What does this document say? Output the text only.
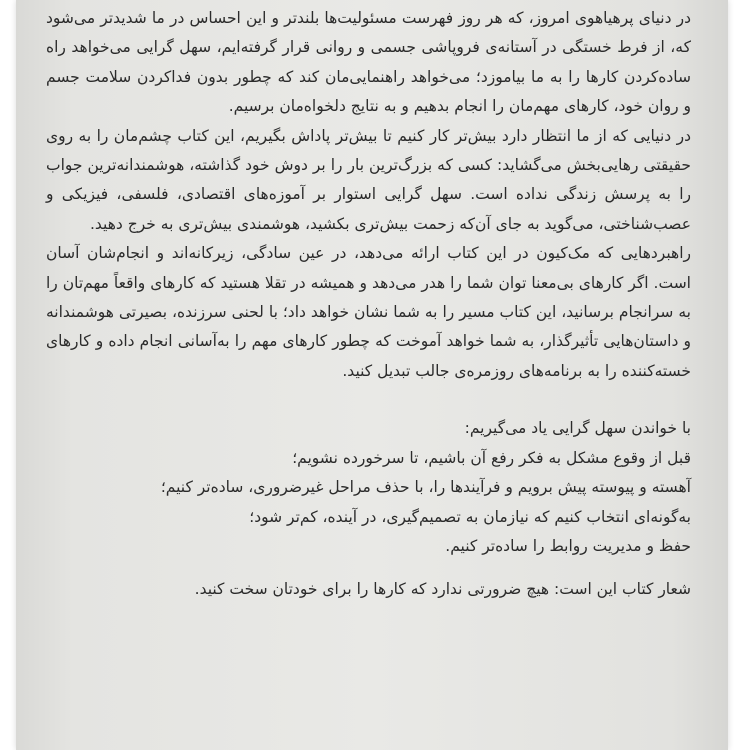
در دنیای پرهیاهوی امروز، که هر روز فهرست مسئولیت‌ها بلندتر و این احساس در ما شدیدتر می‌شود که، از فرط خستگی در آستانه‌ی فروپاشی جسمی و روانی قرار گرفته‌ایم، سهل گرایی می‌خواهد راه ساده‌کردن کارها را به ما بیاموزد؛ می‌خواهد راهنمایی‌مان کند که چطور بدون فداکردن سلامت جسم و روان خود، کارهای مهم‌مان را انجام بدهیم و به نتایج دلخواه‌مان برسیم.

در دنیایی که از ما انتظار دارد بیش‌تر کار کنیم تا بیش‌تر پاداش بگیریم، این کتاب چشم‌مان را به روی حقیقتی رهایی‌بخش می‌گشاید: کسی که بزرگ‌ترین بار را بر دوش خود گذاشته، هوشمندانه‌ترین جواب را به پرسش زندگی نداده است. سهل گرایی استوار بر آموزه‌های اقتصادی، فلسفی، فیزیکی و عصب‌شناختی، می‌گوید به جای آن‌که زحمت بیش‌تری بکشید، هوشمندی بیش‌تری به خرج دهید.

راهبردهایی که مک‌کیون در این کتاب ارائه می‌دهد، در عین سادگی، زیرکانه‌اند و انجام‌شان آسان است. اگر کارهای بی‌معنا توان شما را هدر می‌دهد و همیشه در تقلا هستید که کارهای واقعاً مهم‌تان را به سرانجام برسانید، این کتاب مسیر را به شما نشان خواهد داد؛ با لحنی سرزنده، بصیرتی هوشمندانه و داستان‌هایی تأثیرگذار، به شما خواهد آموخت که چطور کارهای مهم را به‌آسانی انجام داده و کارهای خسته‌کننده را به برنامه‌های روزمره‌ی جالب تبدیل کنید.

با خواندن سهل گرایی یاد می‌گیریم:

قبل از وقوع مشکل به فکر رفع آن باشیم، تا سرخورده نشویم؛

آهسته و پیوسته پیش برویم و فرآیندها را، با حذف مراحل غیرضروری، ساده‌تر کنیم؛

به‌گونه‌ای انتخاب کنیم که نیازمان به تصمیم‌گیری، در آینده، کم‌تر شود؛

حفظ و مدیریت روابط را ساده‌تر کنیم.

شعار کتاب این است: هیچ ضرورتی ندارد که کارها را برای خودتان سخت کنید.
